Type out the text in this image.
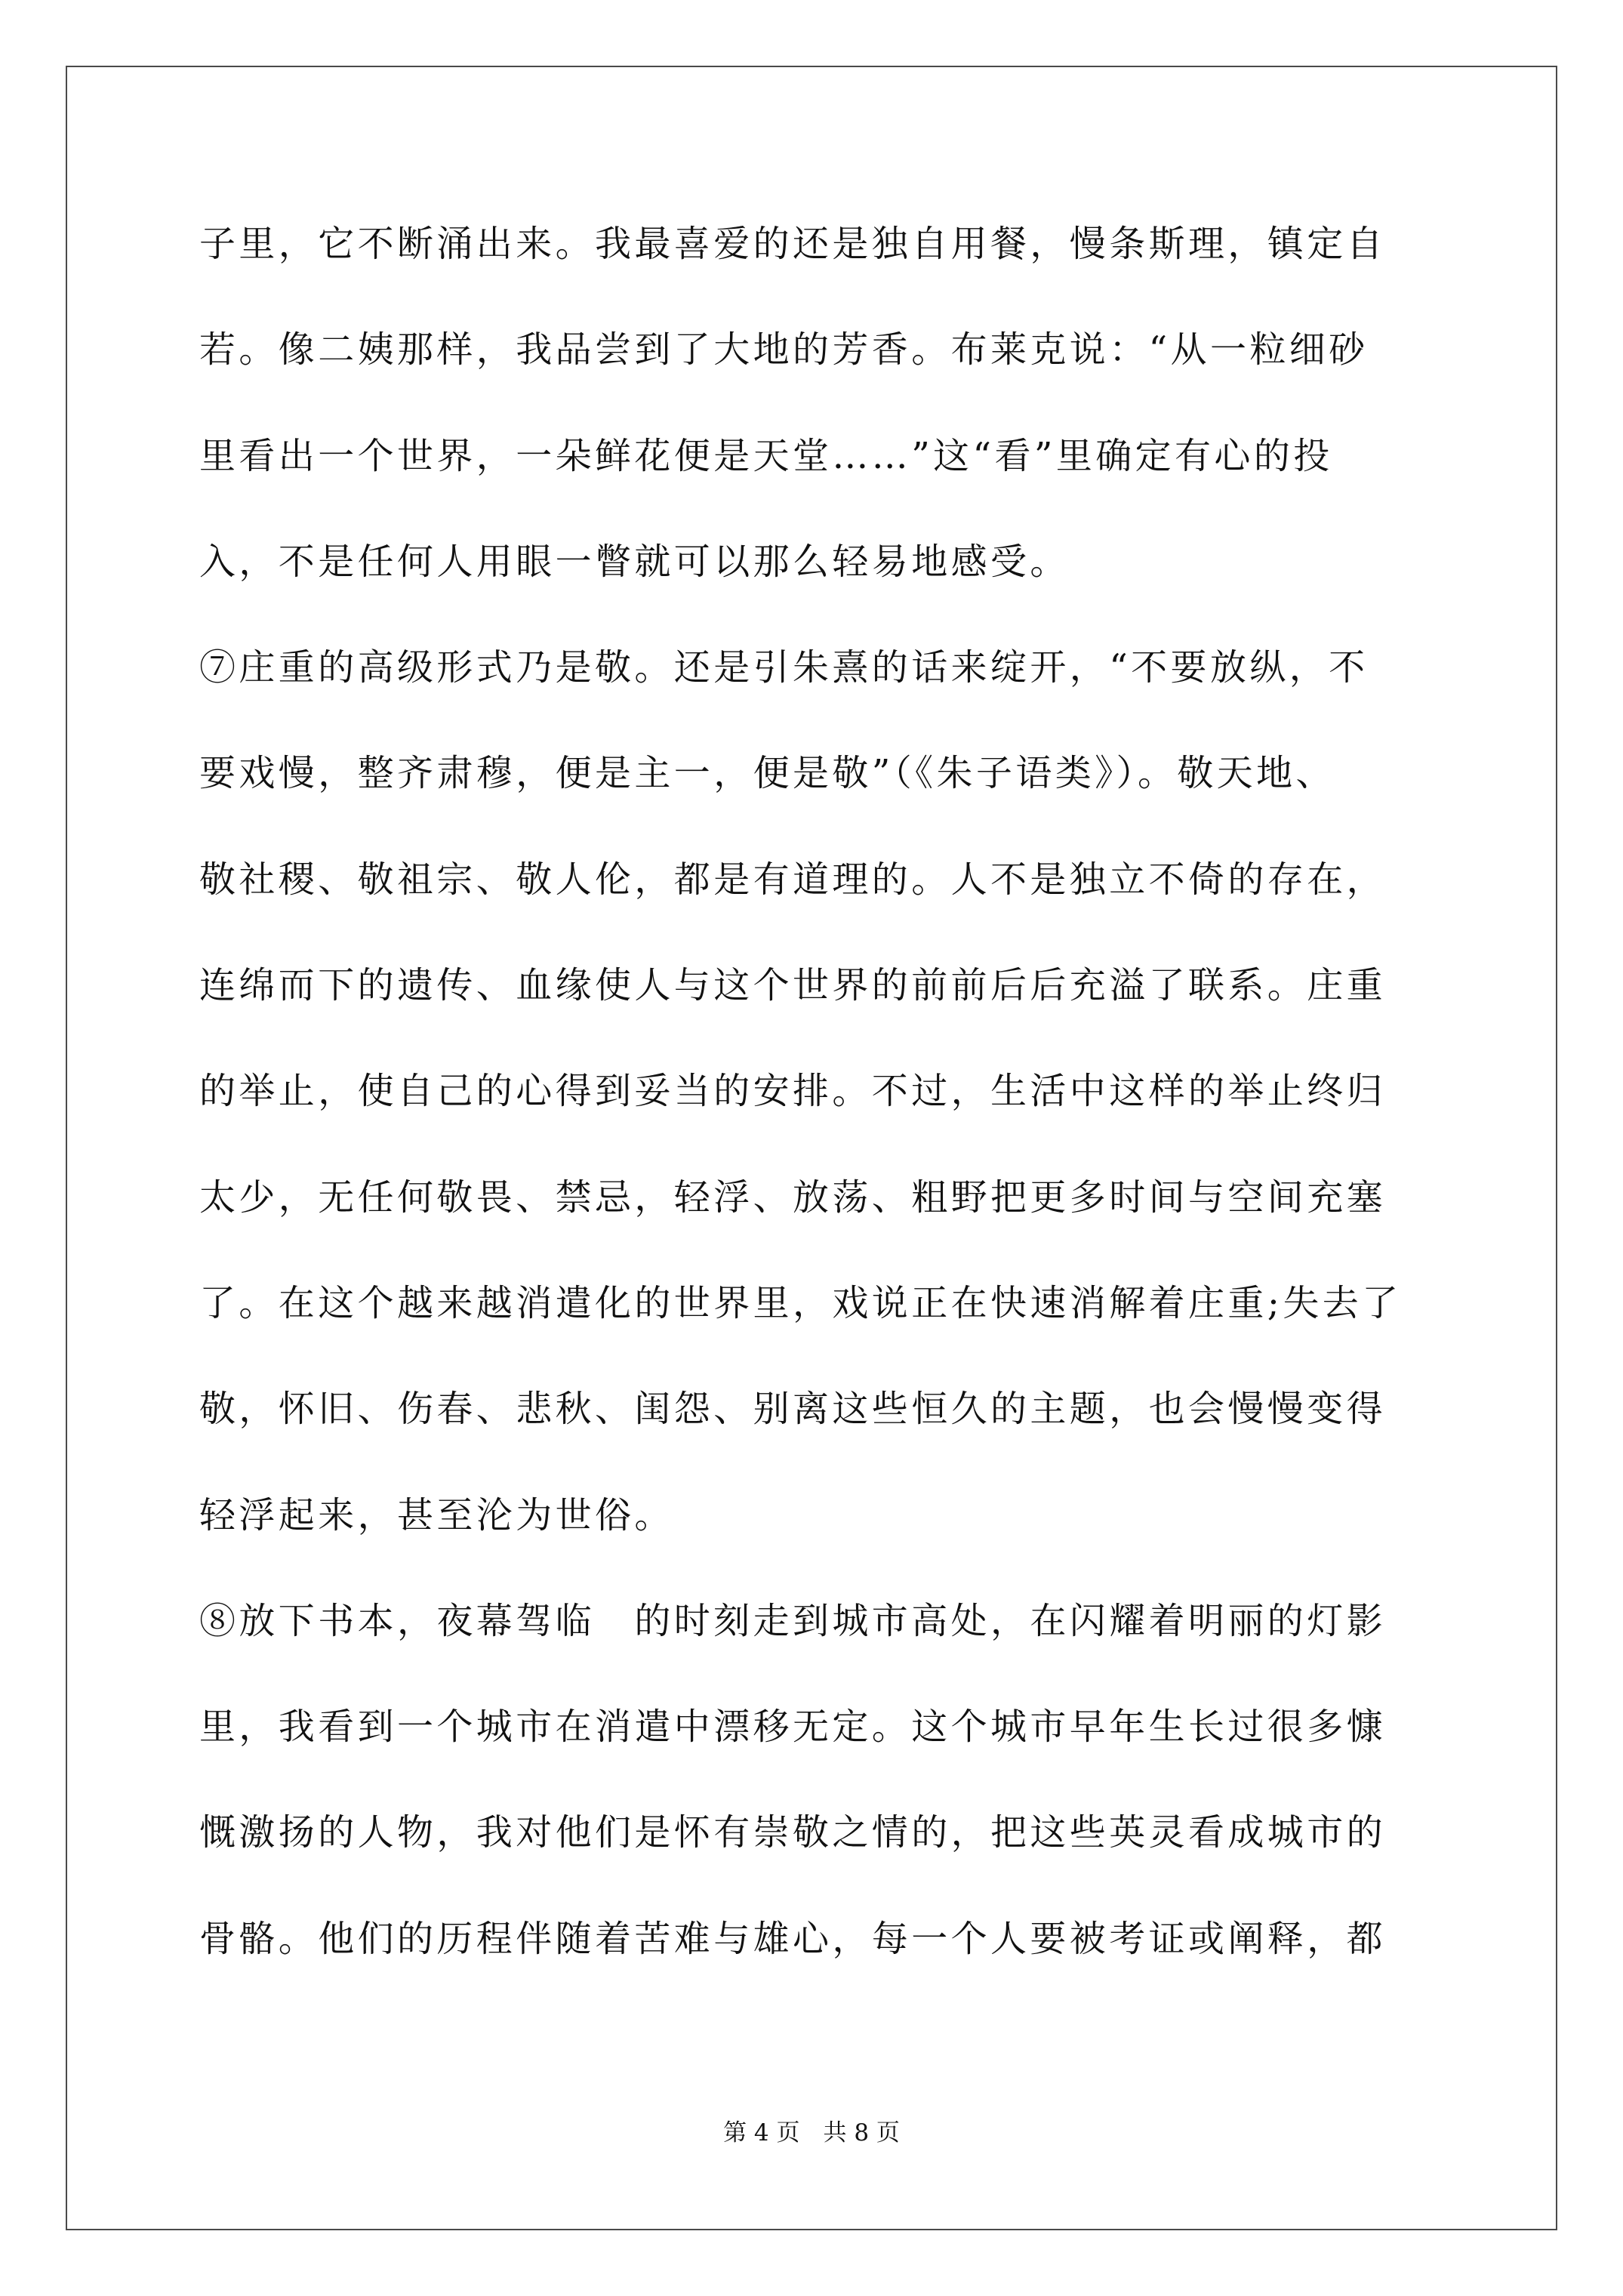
子里，它不断涌出来。我最喜爱的还是独自用餐，慢条斯理，镇定自
若。像二姨那样，我品尝到了大地的芳香。布莱克说：“从一粒细砂
里看出一个世界，一朵鲜花便是天堂……”这“看”里确定有心的投
入，不是任何人用眼一瞥就可以那么轻易地感受。
⑦庄重的高级形式乃是敬。还是引朱熹的话来绽开，“不要放纵，不
要戏慢，整齐肃穆，便是主一，便是敬”（《朱子语类》）。敬天地、
敬社稷、敬祖宗、敬人伦，都是有道理的。人不是独立不倚的存在，
连绵而下的遗传、血缘使人与这个世界的前前后后充溢了联系。庄重
的举止，使自己的心得到妥当的安排。不过，生活中这样的举止终归
太少，无任何敬畏、禁忌，轻浮、放荡、粗野把更多时间与空间充塞
了。在这个越来越消遣化的世界里，戏说正在快速消解着庄重;失去了
敬，怀旧、伤春、悲秋、闺怨、别离这些恒久的主题，也会慢慢变得
轻浮起来，甚至沦为世俗。
⑧放下书本，夜幕驾临　的时刻走到城市高处，在闪耀着明丽的灯影
里，我看到一个城市在消遣中漂移无定。这个城市早年生长过很多慷
慨激扬的人物，我对他们是怀有崇敬之情的，把这些英灵看成城市的
骨骼。他们的历程伴随着苦难与雄心，每一个人要被考证或阐释，都
第 4 页　共 8 页
